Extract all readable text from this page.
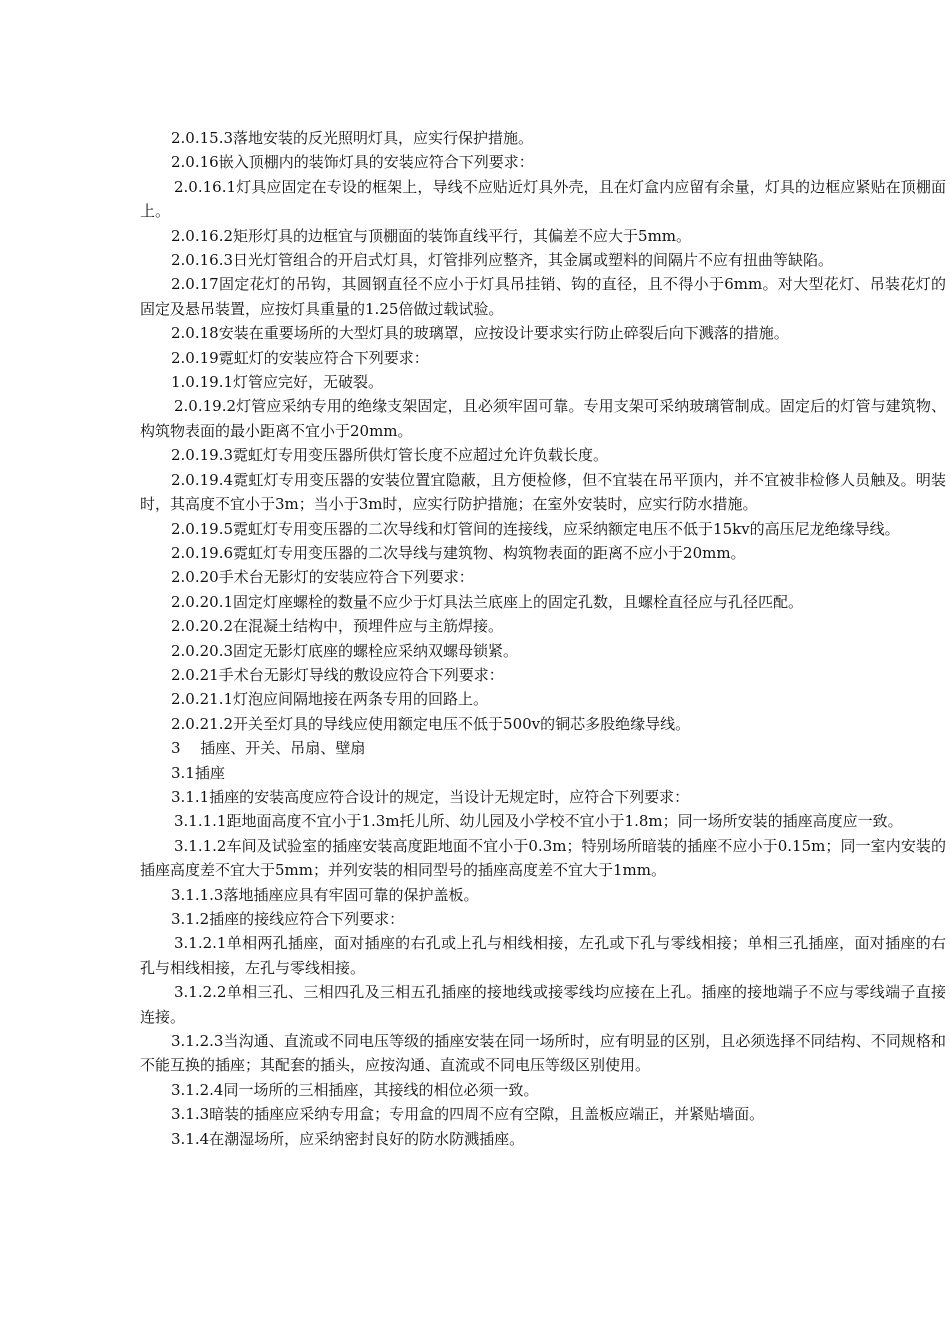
2.0.15.3落地安装的反光照明灯具，应实行保护措施。

2.0.16嵌入顶棚内的装饰灯具的安装应符合下列要求：

2.0.16.1灯具应固定在专设的框架上，导线不应贴近灯具外壳，且在灯盒内应留有余量，灯具的边框应紧贴在顶棚面上。

2.0.16.2矩形灯具的边框宜与顶棚面的装饰直线平行，其偏差不应大于5mm。

2.0.16.3日光灯管组合的开启式灯具，灯管排列应整齐，其金属或塑料的间隔片不应有扭曲等缺陷。

2.0.17固定花灯的吊钩，其圆钢直径不应小于灯具吊挂销、钩的直径，且不得小于6mm。对大型花灯、吊装花灯的固定及悬吊装置，应按灯具重量的1.25倍做过载试验。

2.0.18安装在重要场所的大型灯具的玻璃罩，应按设计要求实行防止碎裂后向下溅落的措施。

2.0.19霓虹灯的安装应符合下列要求：

1.0.19.1灯管应完好，无破裂。

2.0.19.2灯管应采纳专用的绝缘支架固定，且必须牢固可靠。专用支架可采纳玻璃管制成。固定后的灯管与建筑物、构筑物表面的最小距离不宜小于20mm。

2.0.19.3霓虹灯专用变压器所供灯管长度不应超过允许负载长度。

2.0.19.4霓虹灯专用变压器的安装位置宜隐蔽，且方便检修，但不宜装在吊平顶内，并不宜被非检修人员触及。明装时，其高度不宜小于3m；当小于3m时，应实行防护措施；在室外安装时，应实行防水措施。

2.0.19.5霓虹灯专用变压器的二次导线和灯管间的连接线，应采纳额定电压不低于15kv的高压尼龙绝缘导线。

2.0.19.6霓虹灯专用变压器的二次导线与建筑物、构筑物表面的距离不应小于20mm。

2.0.20手术台无影灯的安装应符合下列要求：

2.0.20.1固定灯座螺栓的数量不应少于灯具法兰底座上的固定孔数，且螺栓直径应与孔径匹配。

2.0.20.2在混凝土结构中，预埋件应与主筋焊接。

2.0.20.3固定无影灯底座的螺栓应采纳双螺母锁紧。

2.0.21手术台无影灯导线的敷设应符合下列要求：

2.0.21.1灯泡应间隔地接在两条专用的回路上。

2.0.21.2开关至灯具的导线应使用额定电压不低于500v的铜芯多股绝缘导线。

3　 插座、开关、吊扇、壁扇

3.1插座

3.1.1插座的安装高度应符合设计的规定，当设计无规定时，应符合下列要求：

3.1.1.1距地面高度不宜小于1.3m托儿所、幼儿园及小学校不宜小于1.8m；同一场所安装的插座高度应一致。

3.1.1.2车间及试验室的插座安装高度距地面不宜小于0.3m；特别场所暗装的插座不应小于0.15m；同一室内安装的插座高度差不宜大于5mm；并列安装的相同型号的插座高度差不宜大于1mm。

3.1.1.3落地插座应具有牢固可靠的保护盖板。

3.1.2插座的接线应符合下列要求：

3.1.2.1单相两孔插座，面对插座的右孔或上孔与相线相接，左孔或下孔与零线相接；单相三孔插座，面对插座的右孔与相线相接，左孔与零线相接。

3.1.2.2单相三孔、三相四孔及三相五孔插座的接地线或接零线均应接在上孔。插座的接地端子不应与零线端子直接连接。

3.1.2.3当沟通、直流或不同电压等级的插座安装在同一场所时，应有明显的区别，且必须选择不同结构、不同规格和不能互换的插座；其配套的插头，应按沟通、直流或不同电压等级区别使用。

3.1.2.4同一场所的三相插座，其接线的相位必须一致。

3.1.3暗装的插座应采纳专用盒；专用盒的四周不应有空隙，且盖板应端正，并紧贴墙面。

3.1.4在潮湿场所，应采纳密封良好的防水防溅插座。
